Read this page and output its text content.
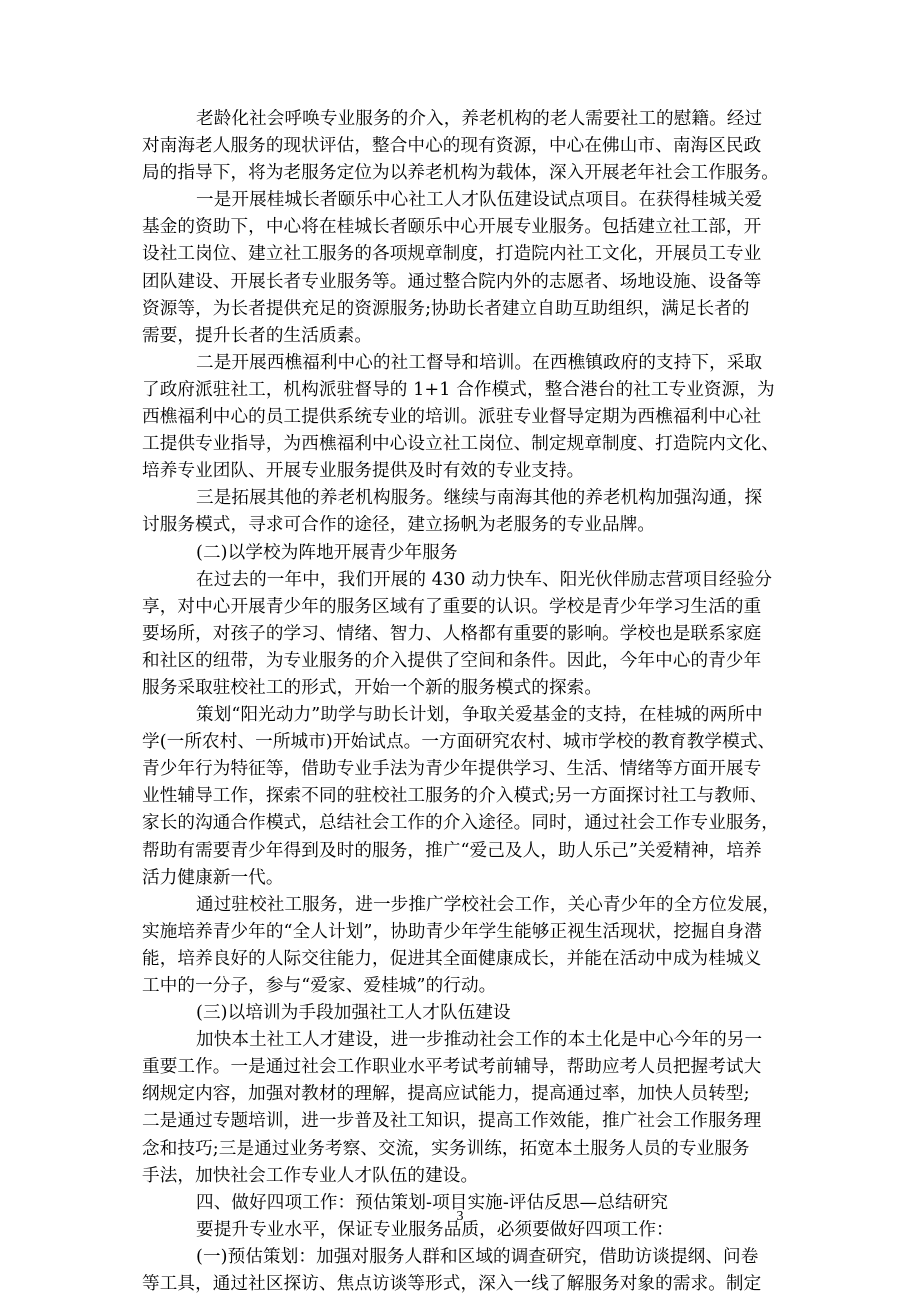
老龄化社会呼唤专业服务的介入，养老机构的老人需要社工的慰籍。经过
对南海老人服务的现状评估，整合中心的现有资源，中心在佛山市、南海区民政
局的指导下，将为老服务定位为以养老机构为载体，深入开展老年社会工作服务。
一是开展桂城长者颐乐中心社工人才队伍建设试点项目。在获得桂城关爱
基金的资助下，中心将在桂城长者颐乐中心开展专业服务。包括建立社工部，开
设社工岗位、建立社工服务的各项规章制度，打造院内社工文化，开展员工专业
团队建设、开展长者专业服务等。通过整合院内外的志愿者、场地设施、设备等
资源等，为长者提供充足的资源服务;协助长者建立自助互助组织，满足长者的
需要，提升长者的生活质素。
二是开展西樵福利中心的社工督导和培训。在西樵镇政府的支持下，采取
了政府派驻社工，机构派驻督导的 1+1 合作模式，整合港台的社工专业资源，为
西樵福利中心的员工提供系统专业的培训。派驻专业督导定期为西樵福利中心社
工提供专业指导，为西樵福利中心设立社工岗位、制定规章制度、打造院内文化、
培养专业团队、开展专业服务提供及时有效的专业支持。
三是拓展其他的养老机构服务。继续与南海其他的养老机构加强沟通，探
讨服务模式，寻求可合作的途径，建立扬帆为老服务的专业品牌。
(二)以学校为阵地开展青少年服务
在过去的一年中，我们开展的 430 动力快车、阳光伙伴励志营项目经验分
享，对中心开展青少年的服务区域有了重要的认识。学校是青少年学习生活的重
要场所，对孩子的学习、情绪、智力、人格都有重要的影响。学校也是联系家庭
和社区的纽带，为专业服务的介入提供了空间和条件。因此，今年中心的青少年
服务采取驻校社工的形式，开始一个新的服务模式的探索。
策划“阳光动力”助学与助长计划，争取关爱基金的支持，在桂城的两所中
学(一所农村、一所城市)开始试点。一方面研究农村、城市学校的教育教学模式、
青少年行为特征等，借助专业手法为青少年提供学习、生活、情绪等方面开展专
业性辅导工作，探索不同的驻校社工服务的介入模式;另一方面探讨社工与教师、
家长的沟通合作模式，总结社会工作的介入途径。同时，通过社会工作专业服务，
帮助有需要青少年得到及时的服务，推广“爱己及人，助人乐己”关爱精神，培养
活力健康新一代。
通过驻校社工服务，进一步推广学校社会工作，关心青少年的全方位发展，
实施培养青少年的“全人计划”，协助青少年学生能够正视生活现状，挖掘自身潜
能，培养良好的人际交往能力，促进其全面健康成长，并能在活动中成为桂城义
工中的一分子，参与“爱家、爱桂城”的行动。
(三)以培训为手段加强社工人才队伍建设
加快本土社工人才建设，进一步推动社会工作的本土化是中心今年的另一
重要工作。一是通过社会工作职业水平考试考前辅导，帮助应考人员把握考试大
纲规定内容，加强对教材的理解，提高应试能力，提高通过率，加快人员转型;
二是通过专题培训，进一步普及社工知识，提高工作效能，推广社会工作服务理
念和技巧;三是通过业务考察、交流，实务训练，拓宽本土服务人员的专业服务
手法，加快社会工作专业人才队伍的建设。
四、做好四项工作：预估策划-项目实施-评估反思—总结研究
要提升专业水平，保证专业服务品质，必须要做好四项工作：
(一)预估策划：加强对服务人群和区域的调查研究，借助访谈提纲、问卷
等工具，通过社区探访、焦点访谈等形式，深入一线了解服务对象的需求。制定
3
